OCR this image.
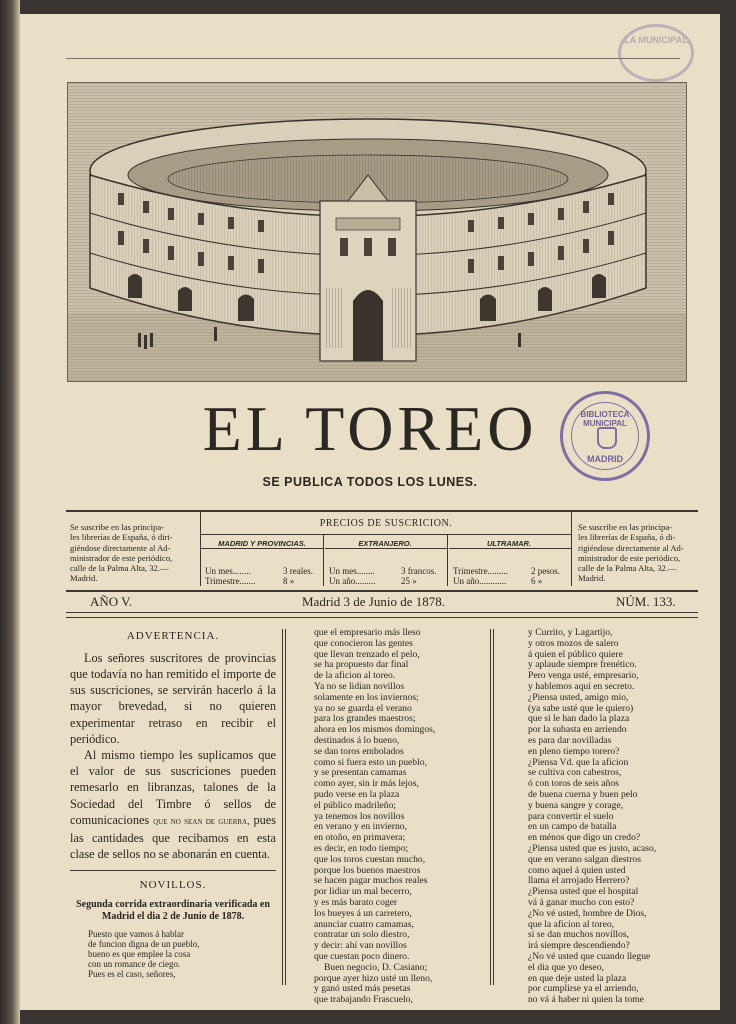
LA MUNICIPAL
EL TOREO
SE PUBLICA TODOS LOS LUNES.
BIBLIOTECA MUNICIPAL
MADRID
Se suscribe en las principa-
les librerías de España, ó diri-
giéndose directamente al Ad-
ministrador de este periódico,
calle de la Palma Alta, 32.—
Madrid.
PRECIOS DE SUSCRICION.
MADRID Y PROVINCIAS.	EXTRANJERO.	ULTRAMAR.
Un mes........	3 reales.
Trimestre.......	8 »
Un mes........	3 francos.
Un año.........	25 »
Trimestre.........	2 pesos.
Un año............	6 »
Se suscribe en las principa-
les librerías de España, ó di-
rigiéndose directamente al Ad-
ministrador de este periódico,
calle de la Palma Alta, 32.—
Madrid.
AÑO V.	Madrid 3 de Junio de 1878.	NÚM. 133.
ADVERTENCIA.

Los señores suscritores de provincias que todavía no han remitido el importe de sus suscriciones, se servirán hacerlo á la mayor brevedad, si no quieren experimentar retraso en recibir el periódico.

Al mismo tiempo les suplicamos que el valor de sus suscriciones pueden remesarlo en libranzas, talones de la Sociedad del Timbre ó sellos de comunicaciones que no sean de guerra, pues las cantidades que recibamos en esta clase de sellos no se abonarán en cuenta.

NOVILLOS.
Segunda corrida extraordinaria verificada en Madrid el dia 2 de Junio de 1878.
Puesto que vamos á hablar
de funcion digna de un pueblo,
bueno es que emplee la cosa
con un romance de ciego.
Pues es el caso, señores,
que el empresario más lleso
que conocieron las gentes
que llevan trenzado el pelo,
se ha propuesto dar final
de la aficion al toreo.
Ya no se lidian novillos
solamente en los inviernos;
ya no se guarda el verano
para los grandes maestros;
ahora en los mismos domingos,
destinados á lo bueno,
se dan toros embolados
como si fuera esto un pueblo,
y se presentan camamas
como ayer, sin ir más lejos,
pudo verse en la plaza
el público madrileño;
ya tenemos los novillos
en verano y en invierno,
en otoño, en primavera;
es decir, en todo tiempo;
que los toros cuestan mucho,
porque los buenos maestros
se hacen pagar muchos reales
por lidiar un mal becerro,
y es más barato coger
los bueyes á un carretero,
anunciar cuatro camamas,
contratar un solo diestro,
y decir: ahí van novillos
que cuestan poco dinero.
Buen negocio, D. Casiano;
porque ayer hizo usté un lleno,
y ganó usted más pesetas
que trabajando Frascuelo,
y Currito, y Lagartijo,
y otros mozos de salero
á quien el público quiere
y aplaude siempre frenético.
Pero venga usté, empresario,
y hablemos aquí en secreto.
¿Piensa usted, amigo mio,
(ya sabe usté que le quiero)
que si le han dado la plaza
por la subasta en arriendo
es para dar novilladas
en pleno tiempo torero?
¿Piensa Vd. que la aficion
se cultiva con cabestros,
ó con toros de seis años
de buena cuerna y buen pelo
y buena sangre y corage,
para convertir el suelo
en un campo de batalla
en ménos que digo un credo?
¿Piensa usted que es justo, acaso,
que en verano salgan diestros
como aquel á quien usted
llama el arrojado Herrero?
¿Piensa usted que el hospital
vá á ganar mucho con esto?
¿No vé usted, hombre de Dios,
que la aficion al toreo,
si se dan muchos novillos,
irá siempre descendiendo?
¿No vé usted que cuando llegue
el dia que yo deseo,
en que deje usted la plaza
por cumplirse ya el arriendo,
no vá á haber ni quien la tome
